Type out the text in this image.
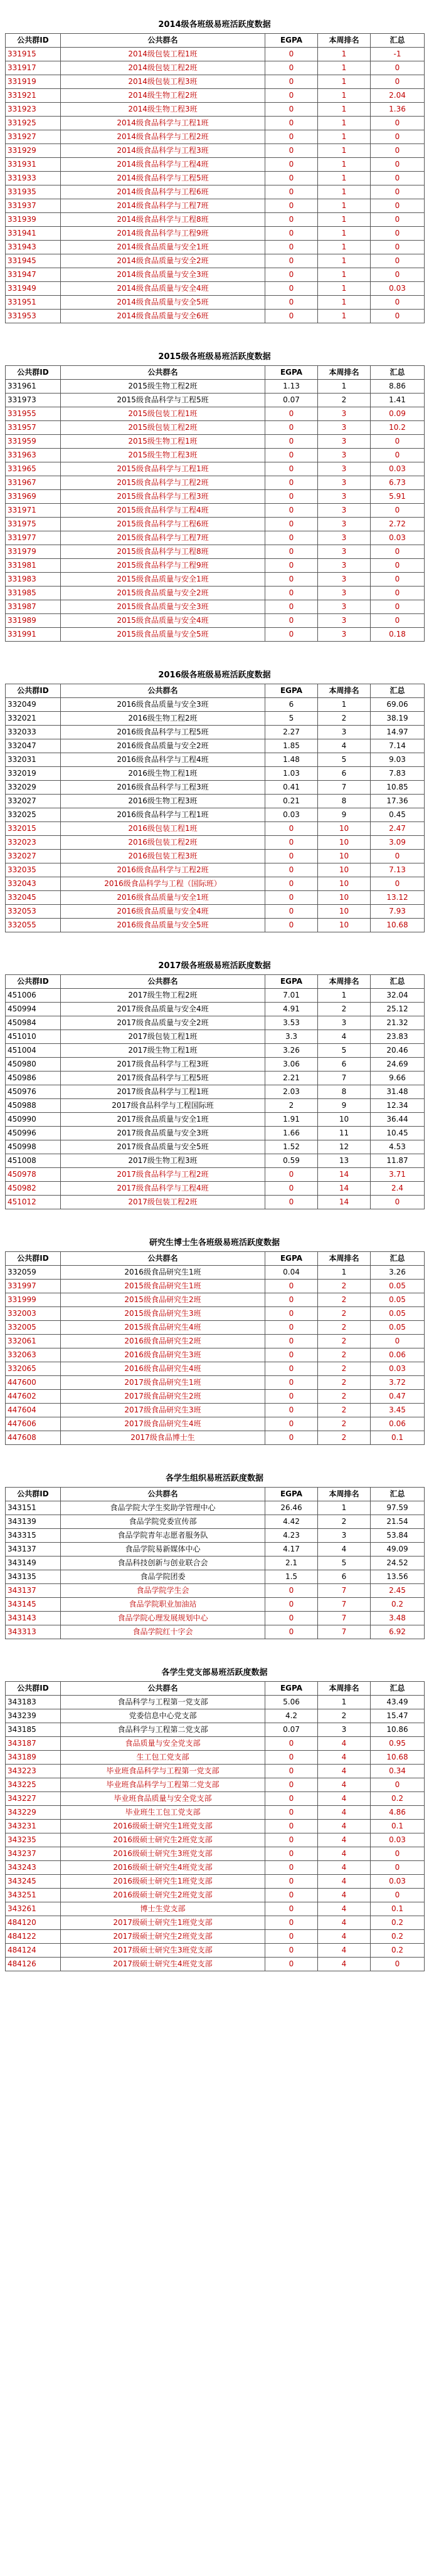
2014级各班级易班活跃度数据
公共群ID	公共群名	EGPA	本周排名	汇总
331915	2014级包装工程1班	0	1	-1
331917	2014级包装工程2班	0	1	0
331919	2014级包装工程3班	0	1	0
331921	2014级生物工程2班	0	1	2.04
331923	2014级生物工程3班	0	1	1.36
331925	2014级食品科学与工程1班	0	1	0
331927	2014级食品科学与工程2班	0	1	0
331929	2014级食品科学与工程3班	0	1	0
331931	2014级食品科学与工程4班	0	1	0
331933	2014级食品科学与工程5班	0	1	0
331935	2014级食品科学与工程6班	0	1	0
331937	2014级食品科学与工程7班	0	1	0
331939	2014级食品科学与工程8班	0	1	0
331941	2014级食品科学与工程9班	0	1	0
331943	2014级食品质量与安全1班	0	1	0
331945	2014级食品质量与安全2班	0	1	0
331947	2014级食品质量与安全3班	0	1	0
331949	2014级食品质量与安全4班	0	1	0.03
331951	2014级食品质量与安全5班	0	1	0
331953	2014级食品质量与安全6班	0	1	0
2015级各班级易班活跃度数据
公共群ID	公共群名	EGPA	本周排名	汇总
331961	2015级生物工程2班	1.13	1	8.86
331973	2015级食品科学与工程5班	0.07	2	1.41
331955	2015级包装工程1班	0	3	0.09
331957	2015级包装工程2班	0	3	10.2
331959	2015级生物工程1班	0	3	0
331963	2015级生物工程3班	0	3	0
331965	2015级食品科学与工程1班	0	3	0.03
331967	2015级食品科学与工程2班	0	3	6.73
331969	2015级食品科学与工程3班	0	3	5.91
331971	2015级食品科学与工程4班	0	3	0
331975	2015级食品科学与工程6班	0	3	2.72
331977	2015级食品科学与工程7班	0	3	0.03
331979	2015级食品科学与工程8班	0	3	0
331981	2015级食品科学与工程9班	0	3	0
331983	2015级食品质量与安全1班	0	3	0
331985	2015级食品质量与安全2班	0	3	0
331987	2015级食品质量与安全3班	0	3	0
331989	2015级食品质量与安全4班	0	3	0
331991	2015级食品质量与安全5班	0	3	0.18
2016级各班级易班活跃度数据
公共群ID	公共群名	EGPA	本周排名	汇总
332049	2016级食品质量与安全3班	6	1	69.06
332021	2016级生物工程2班	5	2	38.19
332033	2016级食品科学与工程5班	2.27	3	14.97
332047	2016级食品质量与安全2班	1.85	4	7.14
332031	2016级食品科学与工程4班	1.48	5	9.03
332019	2016级生物工程1班	1.03	6	7.83
332029	2016级食品科学与工程3班	0.41	7	10.85
332027	2016级生物工程3班	0.21	8	17.36
332025	2016级食品科学与工程1班	0.03	9	0.45
332015	2016级包装工程1班	0	10	2.47
332023	2016级包装工程2班	0	10	3.09
332027	2016级包装工程3班	0	10	0
332035	2016级食品科学与工程2班	0	10	7.13
332043	2016级食品科学与工程（国际班）	0	10	0
332045	2016级食品质量与安全1班	0	10	13.12
332053	2016级食品质量与安全4班	0	10	7.93
332055	2016级食品质量与安全5班	0	10	10.68
2017级各班级易班活跃度数据
公共群ID	公共群名	EGPA	本周排名	汇总
451006	2017级生物工程2班	7.01	1	32.04
450994	2017级食品质量与安全4班	4.91	2	25.12
450984	2017级食品质量与安全2班	3.53	3	21.32
451010	2017级包装工程1班	3.3	4	23.83
451004	2017级生物工程1班	3.26	5	20.46
450980	2017级食品科学与工程3班	3.06	6	24.69
450986	2017级食品科学与工程5班	2.21	7	9.66
450976	2017级食品科学与工程1班	2.03	8	31.48
450988	2017级食品科学与工程国际班	2	9	12.34
450990	2017级食品质量与安全1班	1.91	10	36.44
450996	2017级食品质量与安全3班	1.66	11	10.45
450998	2017级食品质量与安全5班	1.52	12	4.53
451008	2017级生物工程3班	0.59	13	11.87
450978	2017级食品科学与工程2班	0	14	3.71
450982	2017级食品科学与工程4班	0	14	2.4
451012	2017级包装工程2班	0	14	0
研究生博士生各班级易班活跃度数据
公共群ID	公共群名	EGPA	本周排名	汇总
332059	2016级食品研究生1班	0.04	1	3.26
331997	2015级食品研究生1班	0	2	0.05
331999	2015级食品研究生2班	0	2	0.05
332003	2015级食品研究生3班	0	2	0.05
332005	2015级食品研究生4班	0	2	0.05
332061	2016级食品研究生2班	0	2	0
332063	2016级食品研究生3班	0	2	0.06
332065	2016级食品研究生4班	0	2	0.03
447600	2017级食品研究生1班	0	2	3.72
447602	2017级食品研究生2班	0	2	0.47
447604	2017级食品研究生3班	0	2	3.45
447606	2017级食品研究生4班	0	2	0.06
447608	2017级食品博士生	0	2	0.1
各学生组织易班活跃度数据
公共群ID	公共群名	EGPA	本周排名	汇总
343151	食品学院大学生奖助学管理中心	26.46	1	97.59
343139	食品学院党委宣传部	4.42	2	21.54
343315	食品学院青年志愿者服务队	4.23	3	53.84
343137	食品学院易新媒体中心	4.17	4	49.09
343149	食品科技创新与创业联合会	2.1	5	24.52
343135	食品学院团委	1.5	6	13.56
343137	食品学院学生会	0	7	2.45
343145	食品学院职业加油站	0	7	0.2
343143	食品学院心理发展规划中心	0	7	3.48
343313	食品学院红十字会	0	7	6.92
各学生党支部易班活跃度数据
公共群ID	公共群名	EGPA	本周排名	汇总
343183	食品科学与工程第一党支部	5.06	1	43.49
343239	党委信息中心党支部	4.2	2	15.47
343185	食品科学与工程第二党支部	0.07	3	10.86
343187	食品质量与安全党支部	0	4	0.95
343189	生工包工党支部	0	4	10.68
343223	毕业班食品科学与工程第一党支部	0	4	0.34
343225	毕业班食品科学与工程第二党支部	0	4	0
343227	毕业班食品质量与安全党支部	0	4	0.2
343229	毕业班生工包工党支部	0	4	4.86
343231	2016级硕士研究生1班党支部	0	4	0.1
343235	2016级硕士研究生2班党支部	0	4	0.03
343237	2016级硕士研究生3班党支部	0	4	0
343243	2016级硕士研究生4班党支部	0	4	0
343245	2016级硕士研究生1班党支部	0	4	0.03
343251	2016级硕士研究生2班党支部	0	4	0
343261	博士生党支部	0	4	0.1
484120	2017级硕士研究生1班党支部	0	4	0.2
484122	2017级硕士研究生2班党支部	0	4	0.2
484124	2017级硕士研究生3班党支部	0	4	0.2
484126	2017级硕士研究生4班党支部	0	4	0
